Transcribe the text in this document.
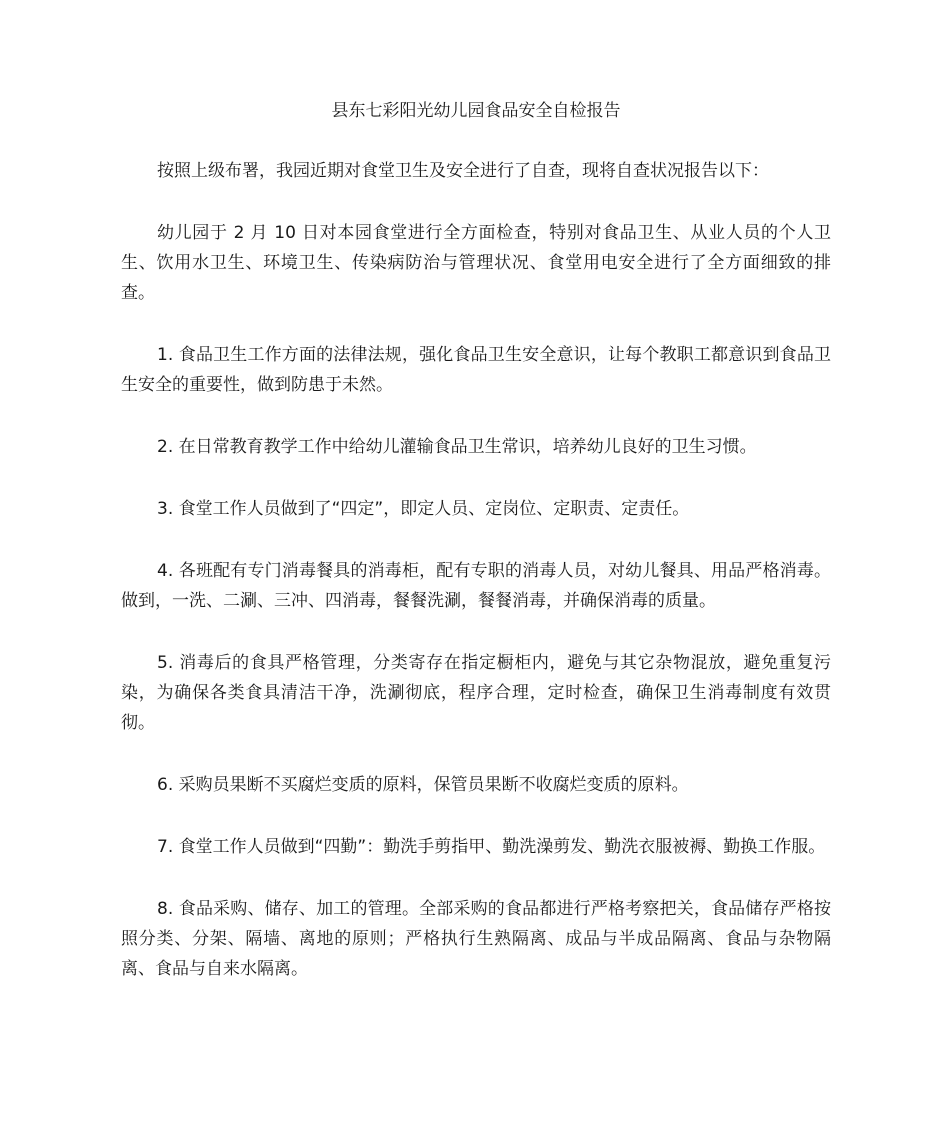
县东七彩阳光幼儿园食品安全自检报告

按照上级布署，我园近期对食堂卫生及安全进行了自查，现将自查状况报告以下：

幼儿园于 2 月 10 日对本园食堂进行全方面检查，特别对食品卫生、从业人员的个人卫生、饮用水卫生、环境卫生、传染病防治与管理状况、食堂用电安全进行了全方面细致的排查。

1. 食品卫生工作方面的法律法规，强化食品卫生安全意识，让每个教职工都意识到食品卫生安全的重要性，做到防患于未然。

2. 在日常教育教学工作中给幼儿灌输食品卫生常识，培养幼儿良好的卫生习惯。

3. 食堂工作人员做到了“四定”，即定人员、定岗位、定职责、定责任。

4. 各班配有专门消毒餐具的消毒柜，配有专职的消毒人员，对幼儿餐具、用品严格消毒。做到，一洗、二涮、三冲、四消毒，餐餐洗涮，餐餐消毒，并确保消毒的质量。

5. 消毒后的食具严格管理，分类寄存在指定橱柜内，避免与其它杂物混放，避免重复污染，为确保各类食具清洁干净，洗涮彻底，程序合理，定时检查，确保卫生消毒制度有效贯彻。

6. 采购员果断不买腐烂变质的原料，保管员果断不收腐烂变质的原料。

7. 食堂工作人员做到“四勤”：勤洗手剪指甲、勤洗澡剪发、勤洗衣服被褥、勤换工作服。

8. 食品采购、储存、加工的管理。全部采购的食品都进行严格考察把关，食品储存严格按照分类、分架、隔墙、离地的原则；严格执行生熟隔离、成品与半成品隔离、食品与杂物隔离、食品与自来水隔离。
